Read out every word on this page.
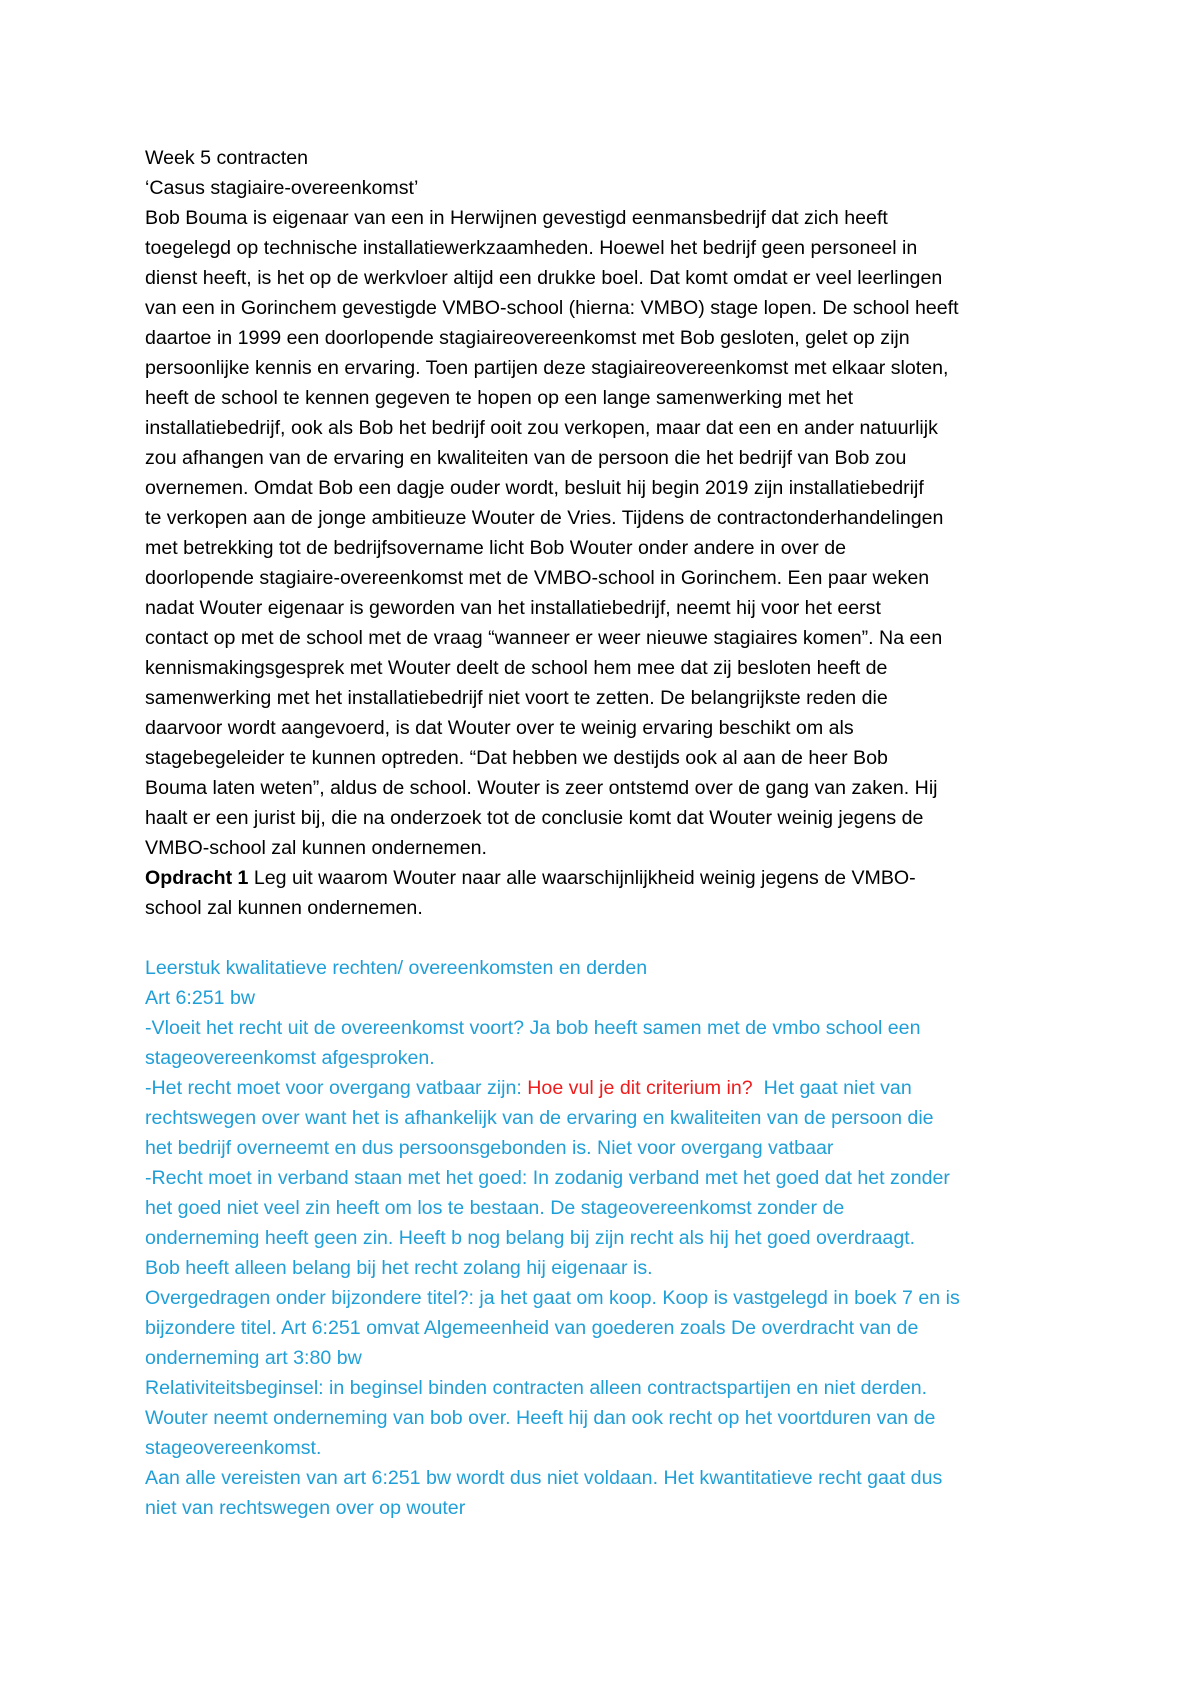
Week 5 contracten
‘Casus stagiaire-overeenkomst’
Bob Bouma is eigenaar van een in Herwijnen gevestigd eenmansbedrijf dat zich heeft
toegelegd op technische installatiewerkzaamheden. Hoewel het bedrijf geen personeel in
dienst heeft, is het op de werkvloer altijd een drukke boel. Dat komt omdat er veel leerlingen
van een in Gorinchem gevestigde VMBO-school (hierna: VMBO) stage lopen. De school heeft
daartoe in 1999 een doorlopende stagiaireovereenkomst met Bob gesloten, gelet op zijn
persoonlijke kennis en ervaring. Toen partijen deze stagiaireovereenkomst met elkaar sloten,
heeft de school te kennen gegeven te hopen op een lange samenwerking met het
installatiebedrijf, ook als Bob het bedrijf ooit zou verkopen, maar dat een en ander natuurlijk
zou afhangen van de ervaring en kwaliteiten van de persoon die het bedrijf van Bob zou
overnemen. Omdat Bob een dagje ouder wordt, besluit hij begin 2019 zijn installatiebedrijf
te verkopen aan de jonge ambitieuze Wouter de Vries. Tijdens de contractonderhandelingen
met betrekking tot de bedrijfsovername licht Bob Wouter onder andere in over de
doorlopende stagiaire-overeenkomst met de VMBO-school in Gorinchem. Een paar weken
nadat Wouter eigenaar is geworden van het installatiebedrijf, neemt hij voor het eerst
contact op met de school met de vraag “wanneer er weer nieuwe stagiaires komen”. Na een
kennismakingsgesprek met Wouter deelt de school hem mee dat zij besloten heeft de
samenwerking met het installatiebedrijf niet voort te zetten. De belangrijkste reden die
daarvoor wordt aangevoerd, is dat Wouter over te weinig ervaring beschikt om als
stagebegeleider te kunnen optreden. “Dat hebben we destijds ook al aan de heer Bob
Bouma laten weten”, aldus de school. Wouter is zeer ontstemd over de gang van zaken. Hij
haalt er een jurist bij, die na onderzoek tot de conclusie komt dat Wouter weinig jegens de
VMBO-school zal kunnen ondernemen.
Opdracht 1 Leg uit waarom Wouter naar alle waarschijnlijkheid weinig jegens de VMBO-
school zal kunnen ondernemen.
Leerstuk kwalitatieve rechten/ overeenkomsten en derden
Art 6:251 bw
-Vloeit het recht uit de overeenkomst voort? Ja bob heeft samen met de vmbo school een
stageovereenkomst afgesproken.
-Het recht moet voor overgang vatbaar zijn: Hoe vul je dit criterium in?  Het gaat niet van
rechtswegen over want het is afhankelijk van de ervaring en kwaliteiten van de persoon die
het bedrijf overneemt en dus persoonsgebonden is. Niet voor overgang vatbaar
-Recht moet in verband staan met het goed: In zodanig verband met het goed dat het zonder
het goed niet veel zin heeft om los te bestaan. De stageovereenkomst zonder de
onderneming heeft geen zin. Heeft b nog belang bij zijn recht als hij het goed overdraagt.
Bob heeft alleen belang bij het recht zolang hij eigenaar is.
Overgedragen onder bijzondere titel?: ja het gaat om koop. Koop is vastgelegd in boek 7 en is
bijzondere titel. Art 6:251 omvat Algemeenheid van goederen zoals De overdracht van de
onderneming art 3:80 bw
Relativiteitsbeginsel: in beginsel binden contracten alleen contractspartijen en niet derden.
Wouter neemt onderneming van bob over. Heeft hij dan ook recht op het voortduren van de
stageovereenkomst.
Aan alle vereisten van art 6:251 bw wordt dus niet voldaan. Het kwantitatieve recht gaat dus
niet van rechtswegen over op wouter
